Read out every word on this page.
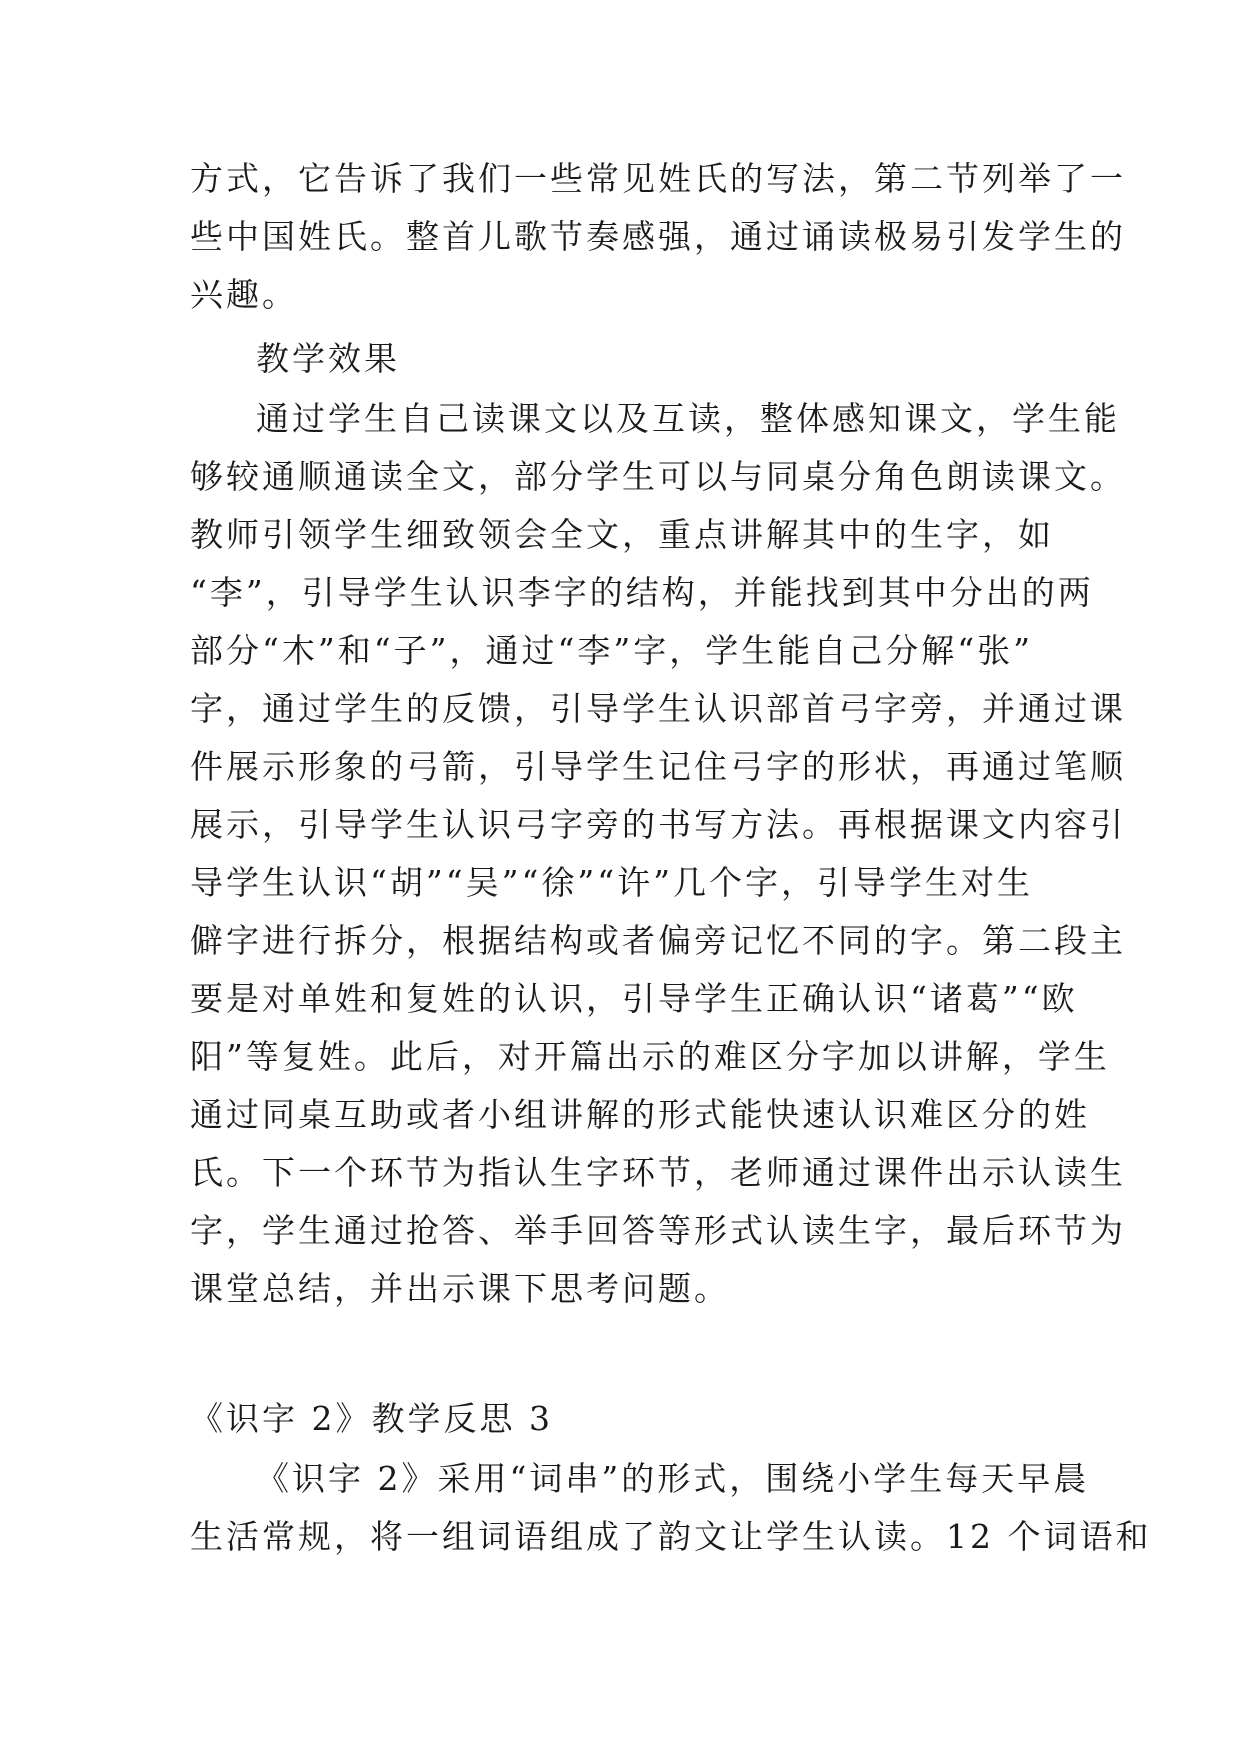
方式，它告诉了我们一些常见姓氏的写法，第二节列举了一
些中国姓氏。整首儿歌节奏感强，通过诵读极易引发学生的
兴趣。
教学效果
通过学生自己读课文以及互读，整体感知课文，学生能
够较通顺通读全文，部分学生可以与同桌分角色朗读课文。
教师引领学生细致领会全文，重点讲解其中的生字，如
“李”，引导学生认识李字的结构，并能找到其中分出的两
部分“木”和“子”，通过“李”字，学生能自己分解“张”
字，通过学生的反馈，引导学生认识部首弓字旁，并通过课
件展示形象的弓箭，引导学生记住弓字的形状，再通过笔顺
展示，引导学生认识弓字旁的书写方法。再根据课文内容引
导学生认识“胡”“吴”“徐”“许”几个字，引导学生对生
僻字进行拆分，根据结构或者偏旁记忆不同的字。第二段主
要是对单姓和复姓的认识，引导学生正确认识“诸葛”“欧
阳”等复姓。此后，对开篇出示的难区分字加以讲解，学生
通过同桌互助或者小组讲解的形式能快速认识难区分的姓
氏。下一个环节为指认生字环节，老师通过课件出示认读生
字，学生通过抢答、举手回答等形式认读生字，最后环节为
课堂总结，并出示课下思考问题。
《识字 2》教学反思 3
《识字 2》采用“词串”的形式，围绕小学生每天早晨
生活常规，将一组词语组成了韵文让学生认读。12 个词语和
